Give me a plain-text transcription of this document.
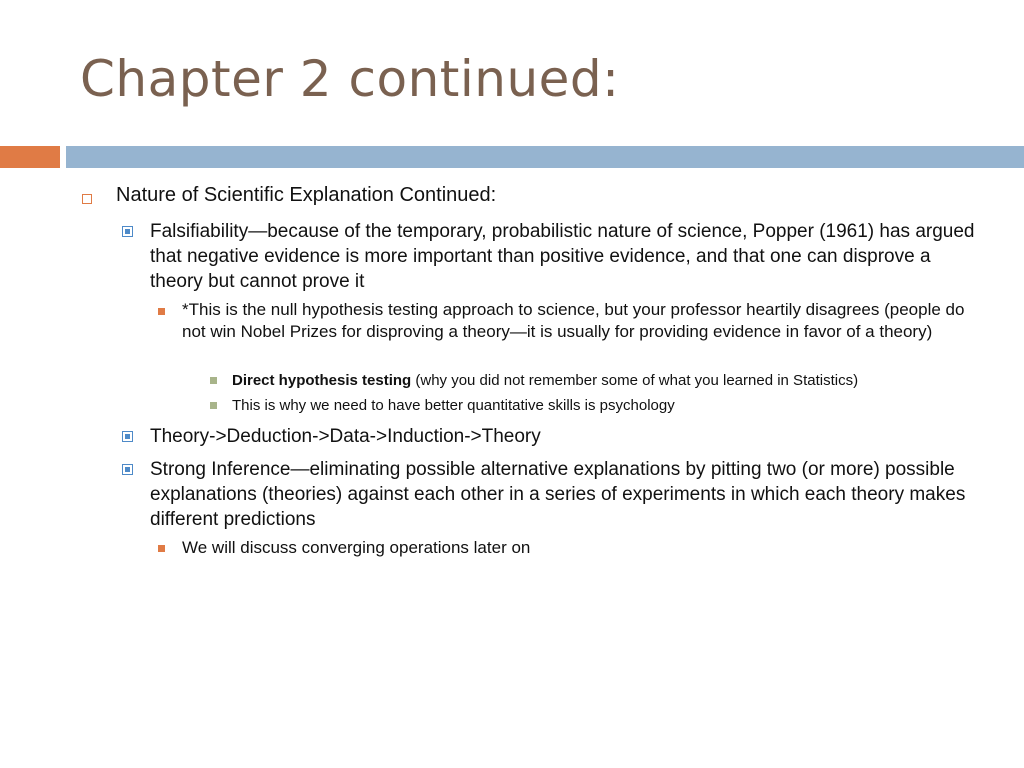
Chapter 2 continued:
Nature of Scientific Explanation Continued:
Falsifiability—because of the temporary, probabilistic nature of science, Popper (1961) has argued that negative evidence is more important than positive evidence, and that one can disprove a theory but cannot prove it
*This is the null hypothesis testing approach to science, but your professor heartily disagrees (people do not win Nobel Prizes for disproving a theory—it is usually for providing evidence in favor of a theory)
Direct hypothesis testing (why you did not remember some of what you learned in Statistics)
This is why we need to have better quantitative skills is psychology
Theory->Deduction->Data->Induction->Theory
Strong Inference—eliminating possible alternative explanations by pitting two (or more) possible explanations (theories) against each other in a series of experiments in which each theory makes different predictions
We will discuss converging operations later on
